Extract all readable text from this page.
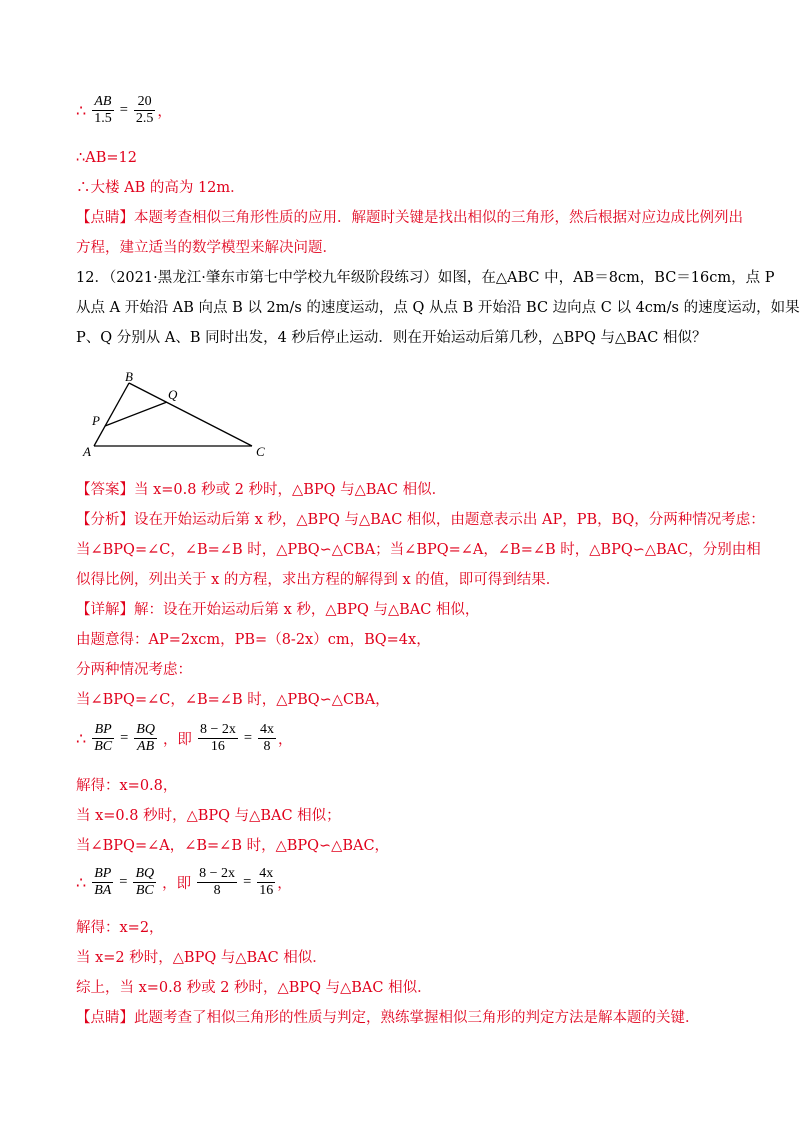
∴ $\frac{AB}{1.5} = \frac{20}{2.5}$ ，
∴AB=12
∴大楼 AB 的高为 12m．
【点睛】本题考查相似三角形性质的应用．解题时关键是找出相似的三角形，然后根据对应边成比例列出
方程，建立适当的数学模型来解决问题．
12．（2021·黑龙江·肇东市第七中学校九年级阶段练习）如图，在△ABC 中，AB＝8cm，BC＝16cm，点 P
从点 A 开始沿 AB 向点 B 以 2m/s 的速度运动，点 Q 从点 B 开始沿 BC 边向点 C 以 4cm/s 的速度运动，如果
P、Q 分别从 A、B 同时出发，4 秒后停止运动．则在开始运动后第几秒，△BPQ 与△BAC 相似？
B
Q
P
A	C
【答案】当 x=0.8 秒或 2 秒时，△BPQ 与△BAC 相似．
【分析】设在开始运动后第 x 秒，△BPQ 与△BAC 相似，由题意表示出 AP，PB，BQ，分两种情况考虑：
当∠BPQ=∠C，∠B=∠B 时，△PBQ∽△CBA；当∠BPQ=∠A，∠B=∠B 时，△BPQ∽△BAC，分别由相
似得比例，列出关于 x 的方程，求出方程的解得到 x 的值，即可得到结果．
【详解】解：设在开始运动后第 x 秒，△BPQ 与△BAC 相似，
由题意得：AP=2xcm，PB=（8-2x）cm，BQ=4x，
分两种情况考虑：
当∠BPQ=∠C，∠B=∠B 时，△PBQ∽△CBA，
∴ $\frac{BP}{BC} = \frac{BQ}{AB}$ ，即 $\frac{8 - 2x}{16} = \frac{4x}{8}$ ，
解得：x=0.8，
当 x=0.8 秒时，△BPQ 与△BAC 相似；
当∠BPQ=∠A，∠B=∠B 时，△BPQ∽△BAC，
∴ $\frac{BP}{BA} = \frac{BQ}{BC}$ ，即 $\frac{8 - 2x}{8} = \frac{4x}{16}$ ，
解得：x=2，
当 x=2 秒时，△BPQ 与△BAC 相似．
综上，当 x=0.8 秒或 2 秒时，△BPQ 与△BAC 相似．
【点睛】此题考查了相似三角形的性质与判定，熟练掌握相似三角形的判定方法是解本题的关键．
